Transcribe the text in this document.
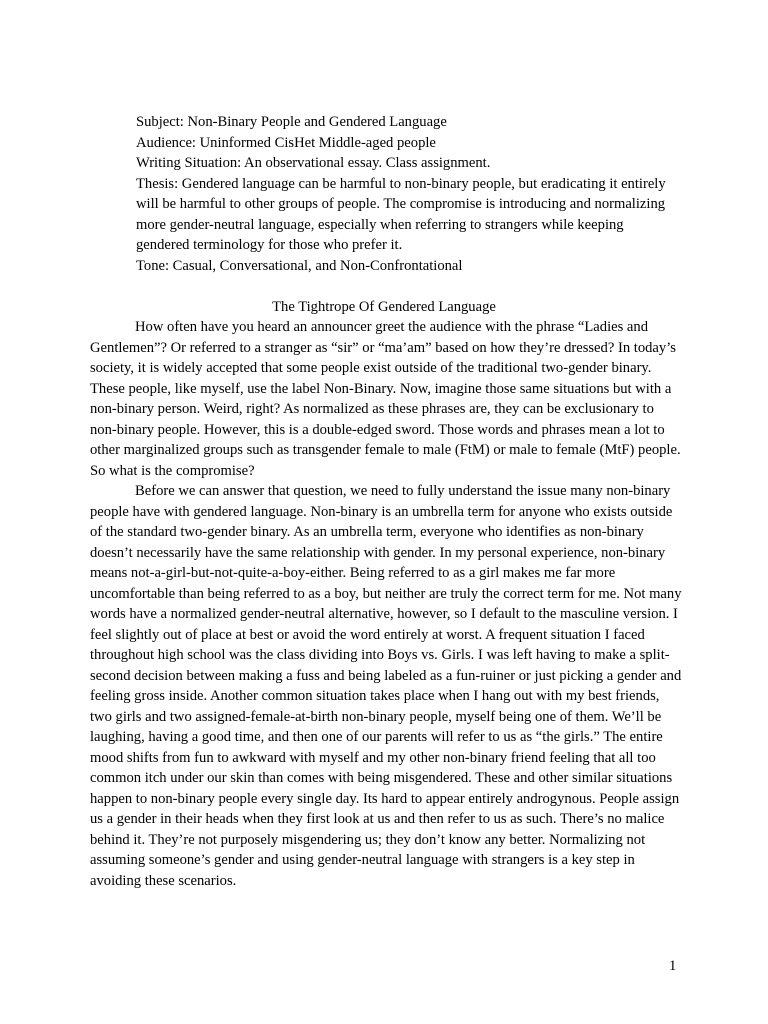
Subject: Non-Binary People and Gendered Language
Audience: Uninformed CisHet Middle-aged people
Writing Situation: An observational essay. Class assignment.
Thesis: Gendered language can be harmful to non-binary people, but eradicating it entirely will be harmful to other groups of people. The compromise is introducing and normalizing more gender-neutral language, especially when referring to strangers while keeping gendered terminology for those who prefer it.
Tone: Casual, Conversational, and Non-Confrontational
The Tightrope Of Gendered Language

How often have you heard an announcer greet the audience with the phrase “Ladies and Gentlemen”? Or referred to a stranger as “sir” or “ma’am” based on how they’re dressed? In today’s society, it is widely accepted that some people exist outside of the traditional two-gender binary. These people, like myself, use the label Non-Binary. Now, imagine those same situations but with a non-binary person. Weird, right? As normalized as these phrases are, they can be exclusionary to non-binary people. However, this is a double-edged sword. Those words and phrases mean a lot to other marginalized groups such as transgender female to male (FtM) or male to female (MtF) people. So what is the compromise?

Before we can answer that question, we need to fully understand the issue many non-binary people have with gendered language. Non-binary is an umbrella term for anyone who exists outside of the standard two-gender binary. As an umbrella term, everyone who identifies as non-binary doesn’t necessarily have the same relationship with gender. In my personal experience, non-binary means not-a-girl-but-not-quite-a-boy-either. Being referred to as a girl makes me far more uncomfortable than being referred to as a boy, but neither are truly the correct term for me. Not many words have a normalized gender-neutral alternative, however, so I default to the masculine version. I feel slightly out of place at best or avoid the word entirely at worst. A frequent situation I faced throughout high school was the class dividing into Boys vs. Girls. I was left having to make a split-second decision between making a fuss and being labeled as a fun-ruiner or just picking a gender and feeling gross inside. Another common situation takes place when I hang out with my best friends, two girls and two assigned-female-at-birth non-binary people, myself being one of them. We’ll be laughing, having a good time, and then one of our parents will refer to us as “the girls.” The entire mood shifts from fun to awkward with myself and my other non-binary friend feeling that all too common itch under our skin than comes with being misgendered. These and other similar situations happen to non-binary people every single day. Its hard to appear entirely androgynous. People assign us a gender in their heads when they first look at us and then refer to us as such. There’s no malice behind it. They’re not purposely misgendering us; they don’t know any better. Normalizing not assuming someone’s gender and using gender-neutral language with strangers is a key step in avoiding these scenarios.

1
